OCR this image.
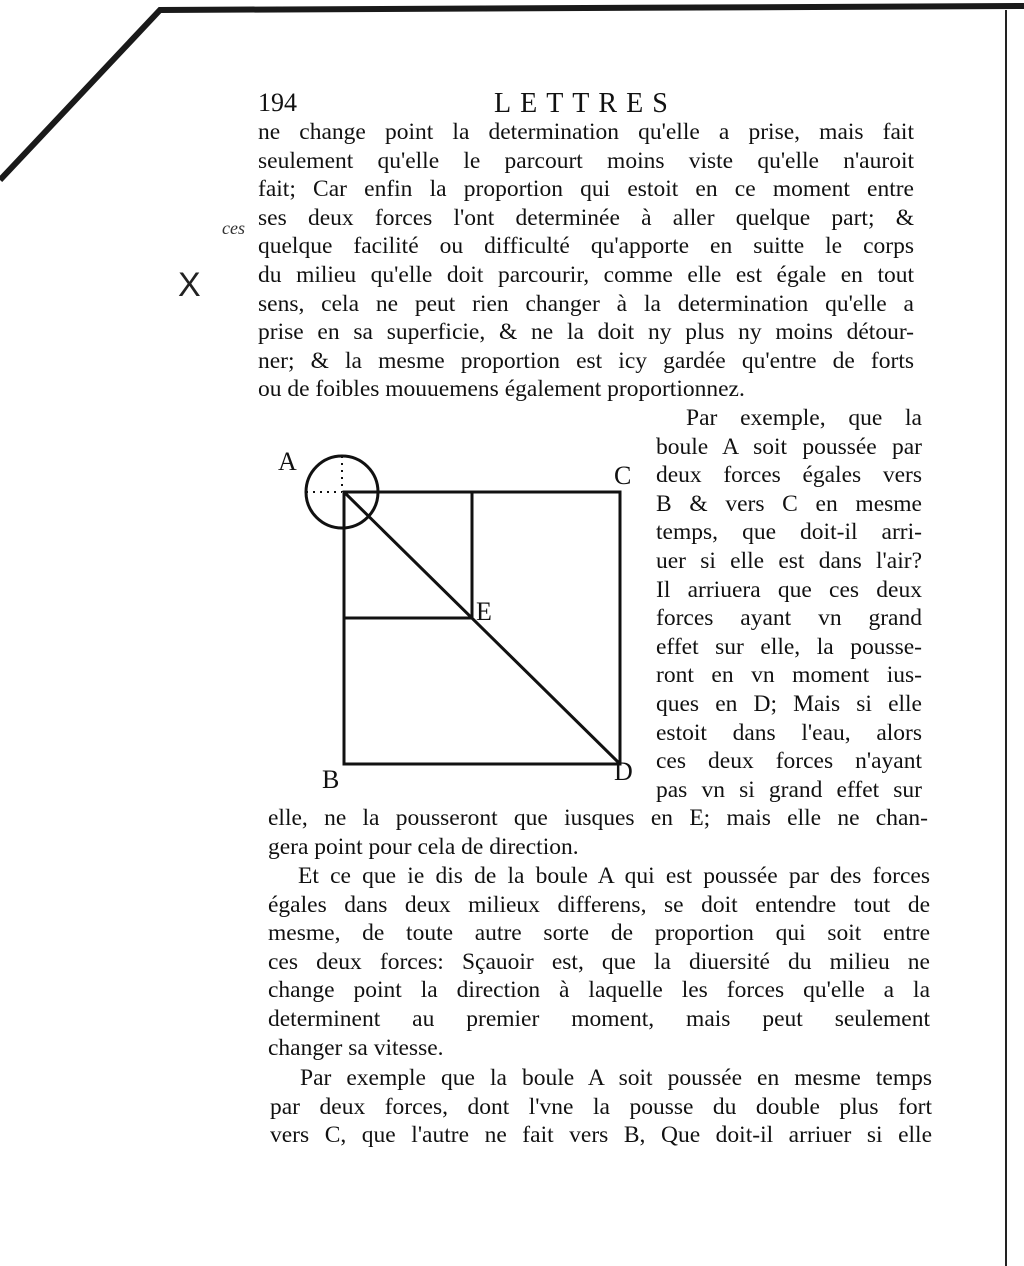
194	LETTRES
ces
X
ne change point la determination qu'elle a prise, mais fait
seulement qu'elle le parcourt moins viste qu'elle n'auroit
fait; Car enfin la proportion qui estoit en ce moment entre
ses deux forces l'ont determinée à aller quelque part; &
quelque facilité ou difficulté qu'apporte en suitte le corps
du milieu qu'elle doit parcourir, comme elle est égale en tout
sens, cela ne peut rien changer à la determination qu'elle a
prise en sa superficie, & ne la doit ny plus ny moins détour-
ner; & la mesme proportion est icy gardée qu'entre de forts
ou de foibles mouuemens également proportionnez.
Par exemple, que la
boule A soit poussée par
deux forces égales vers
B & vers C en mesme
temps, que doit-il arri-
uer si elle est dans l'air?
Il arriuera que ces deux
forces ayant vn grand
effet sur elle, la pousse-
ront en vn moment ius-
ques en D; Mais si elle
estoit dans l'eau, alors
ces deux forces n'ayant
pas vn si grand effet sur
A	C
E
B	D
elle, ne la pousseront que iusques en E; mais elle ne chan-
gera point pour cela de direction.
Et ce que ie dis de la boule A qui est poussée par des forces
égales dans deux milieux differens, se doit entendre tout de
mesme, de toute autre sorte de proportion qui soit entre
ces deux forces: Sçauoir est, que la diuersité du milieu ne
change point la direction à laquelle les forces qu'elle a la
determinent au premier moment, mais peut seulement
changer sa vitesse.
Par exemple que la boule A soit poussée en mesme temps
par deux forces, dont l'vne la pousse du double plus fort
vers C, que l'autre ne fait vers B, Que doit-il arriuer si elle
